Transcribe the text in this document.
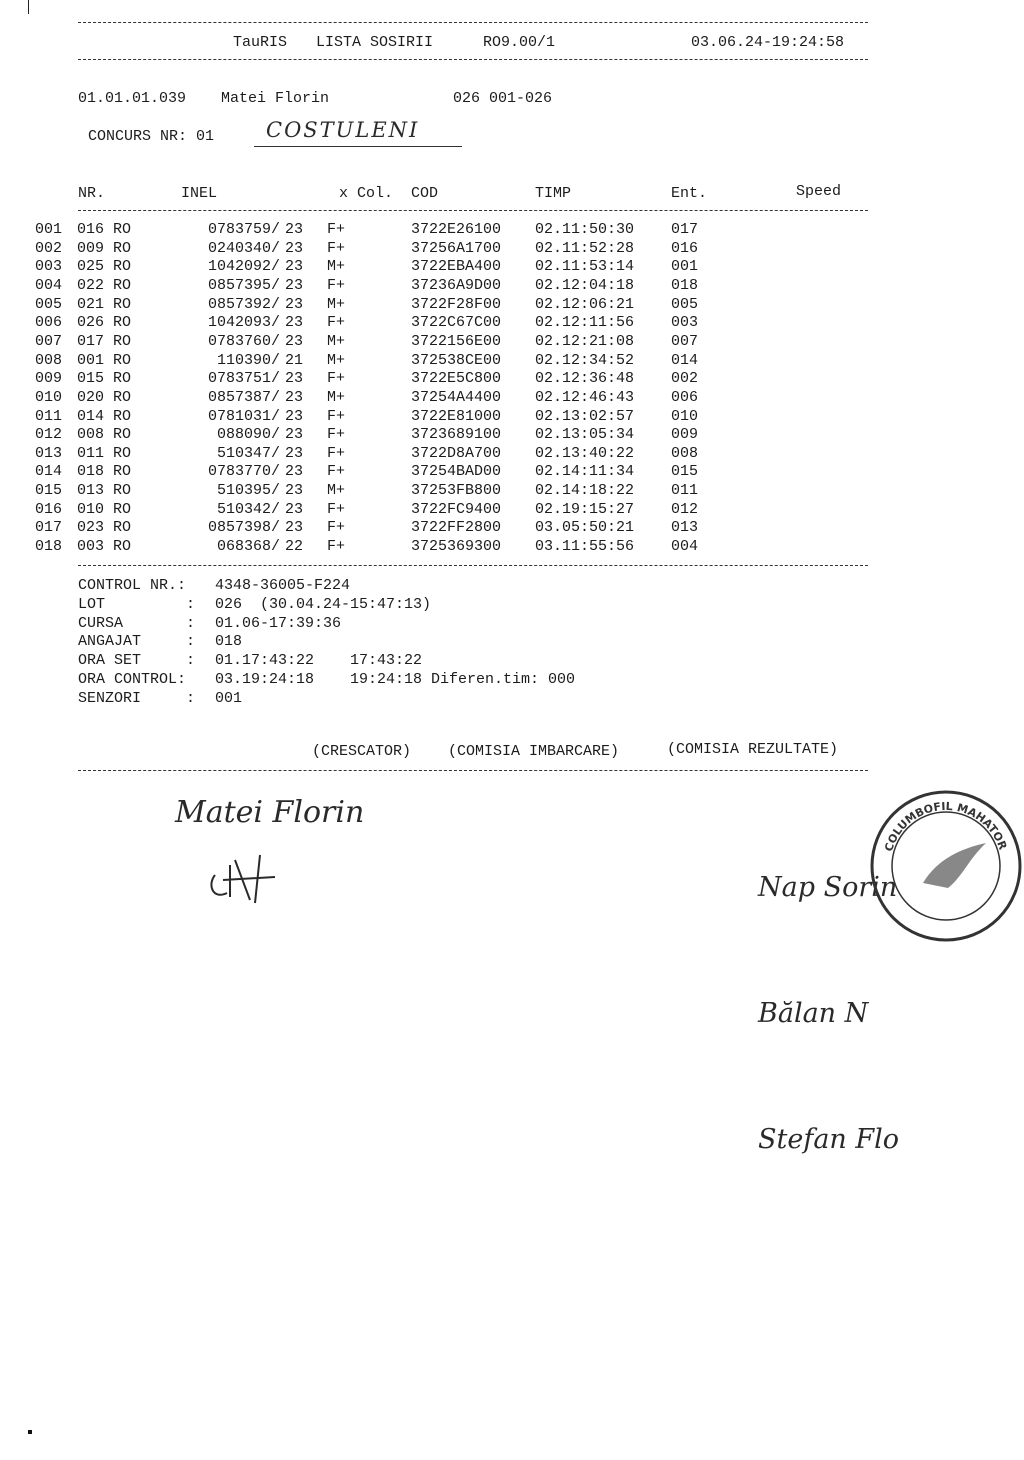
TauRIS LISTA SOSIRII	RO9.00/1	03.06.24-19:24:58
01.01.01.039 Matei Florin	026 001-026
CONCURS NR: 01 COSTULENI
NR.	INEL	x Col. COD	TIMP	Ent.	Speed
001 016 RO	0783759/ 23 F+	3722E26100 02.11:50:30 017
002 009 RO	0240340/ 23 F+	37256A1700 02.11:52:28 016
003 025 RO	1042092/ 23 M+	3722EBA400 02.11:53:14 001
004 022 RO	0857395/ 23 F+	37236A9D00 02.12:04:18 018
005 021 RO	0857392/ 23 M+	3722F28F00 02.12:06:21 005
006 026 RO	1042093/ 23 F+	3722C67C00 02.12:11:56 003
007 017 RO	0783760/ 23 M+	3722156E00 02.12:21:08 007
008 001 RO	110390/ 21 M+	372538CE00 02.12:34:52 014
009 015 RO	0783751/ 23 F+	3722E5C800 02.12:36:48 002
010 020 RO	0857387/ 23 M+	37254A4400 02.12:46:43 006
011 014 RO	0781031/ 23 F+	3722E81000 02.13:02:57 010
012 008 RO	088090/ 23 F+	3723689100 02.13:05:34 009
013 011 RO	510347/ 23 F+	3722D8A700 02.13:40:22 008
014 018 RO	0783770/ 23 F+	37254BAD00 02.14:11:34 015
015 013 RO	510395/ 23 M+	37253FB800 02.14:18:22 011
016 010 RO	510342/ 23 F+	3722FC9400 02.19:15:27 012
017 023 RO	0857398/ 23 F+	3722FF2800 03.05:50:21 013
018 003 RO	068368/ 22 F+	3725369300 03.11:55:56 004
CONTROL NR.: 4348-36005-F224
LOT         : 026  (30.04.24-15:47:13)
CURSA       : 01.06-17:39:36
ANGAJAT     : 018
ORA SET     : 01.17:43:22    17:43:22
ORA CONTROL: 03.19:24:18    19:24:18 Diferen.tim: 000
SENZORI     : 001
(CRESCATOR) (COMISIA IMBARCARE)	(COMISIA REZULTATE)
Matei Florin

Nap Sorin

Bălan N

Stefan Flo

COLUMBOFIL MAHATOR
